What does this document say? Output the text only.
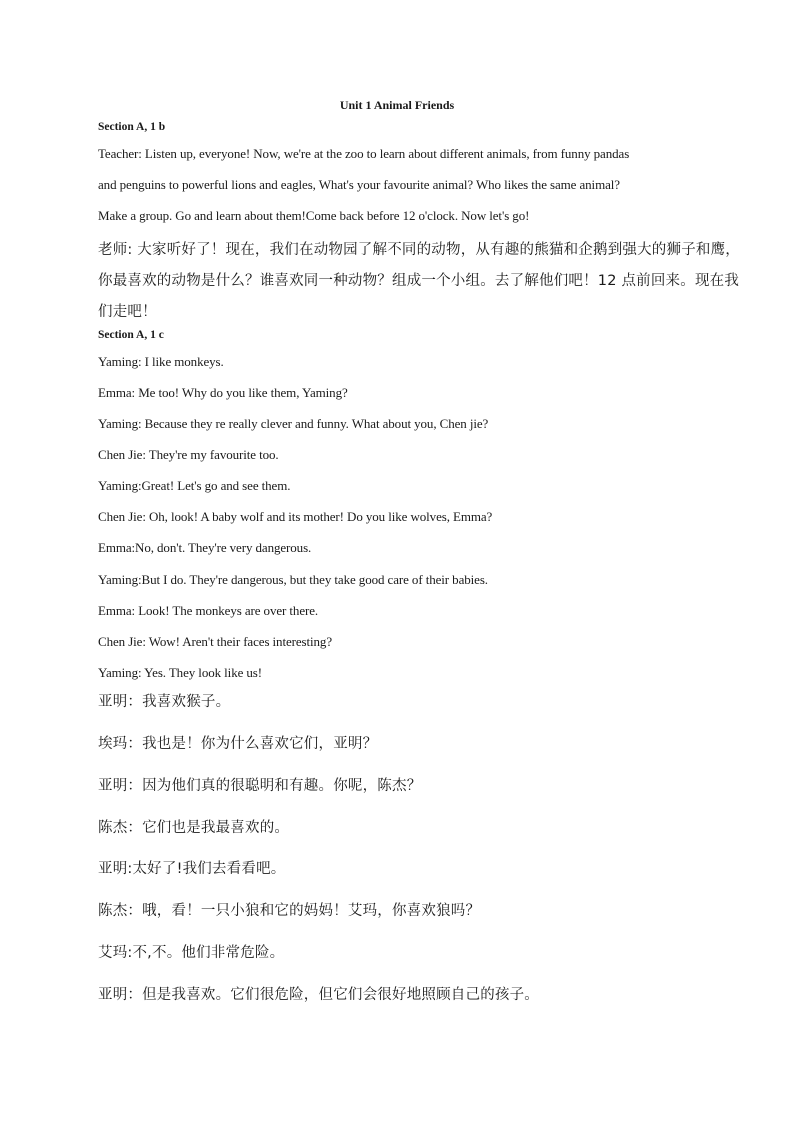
Unit 1 Animal Friends
Section A, 1 b
Teacher: Listen up, everyone! Now, we're at the zoo to learn about different animals, from funny pandas
and penguins to powerful lions and eagles, What's your favourite animal? Who likes the same animal?
Make a group. Go and learn about them!Come back before 12 o'clock. Now let's go!
老师: 大家听好了！现在，我们在动物园了解不同的动物，从有趣的熊猫和企鹅到强大的狮子和鹰，
你最喜欢的动物是什么？谁喜欢同一种动物？组成一个小组。去了解他们吧！12 点前回来。现在我
们走吧！
Section A, 1 c
Yaming: I like monkeys.
Emma: Me too! Why do you like them, Yaming?
Yaming: Because they re really clever and funny. What about you, Chen jie?
Chen Jie: They're my favourite too.
Yaming:Great! Let's go and see them.
Chen Jie: Oh, look! A baby wolf and its mother! Do you like wolves, Emma?
Emma:No, don't. They're very dangerous.
Yaming:But I do. They're dangerous, but they take good care of their babies.
Emma: Look! The monkeys are over there.
Chen Jie: Wow! Aren't their faces interesting?
Yaming: Yes. They look like us!
亚明：我喜欢猴子。
埃玛：我也是！你为什么喜欢它们，亚明？
亚明：因为他们真的很聪明和有趣。你呢，陈杰？
陈杰：它们也是我最喜欢的。
亚明:太好了!我们去看看吧。
陈杰：哦，看！一只小狼和它的妈妈！艾玛，你喜欢狼吗？
艾玛:不,不。他们非常危险。
亚明：但是我喜欢。它们很危险，但它们会很好地照顾自己的孩子。
